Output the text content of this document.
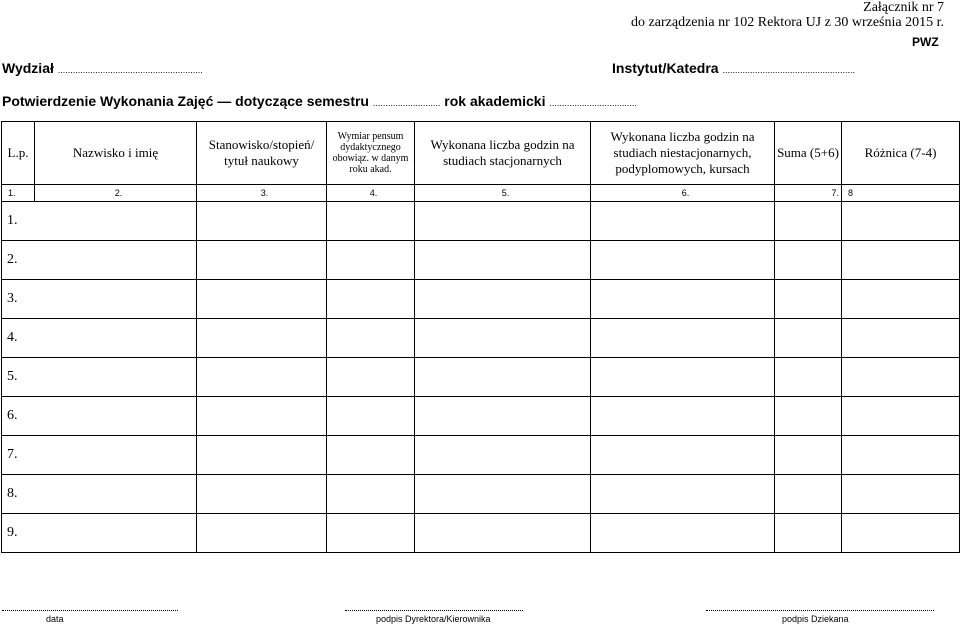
Załącznik nr 7
do zarządzenia nr 102 Rektora UJ z 30 września 2015 r.
PWZ
Wydział ..........................................................	Instytut/Katedra .....................................................
Potwierdzenie Wykonania Zajęć — dotyczące semestru ........................... rok akademicki ...................................
L.p.	Nazwisko i imię	Stanowisko/stopień/ tytuł naukowy	Wymiar pensum dydaktycznego obowiąz. w danym roku akad.	Wykonana liczba godzin na studiach stacjonarnych	Wykonana liczba godzin na studiach niestacjonarnych, podyplomowych, kursach	Suma (5+6)	Różnica (7-4)
1.	2.	3.	4.	5.	6.	7.	8
1.							
2.							
3.							
4.							
5.							
6.							
7.							
8.							
9.							
data	podpis Dyrektora/Kierownika	podpis Dziekana
